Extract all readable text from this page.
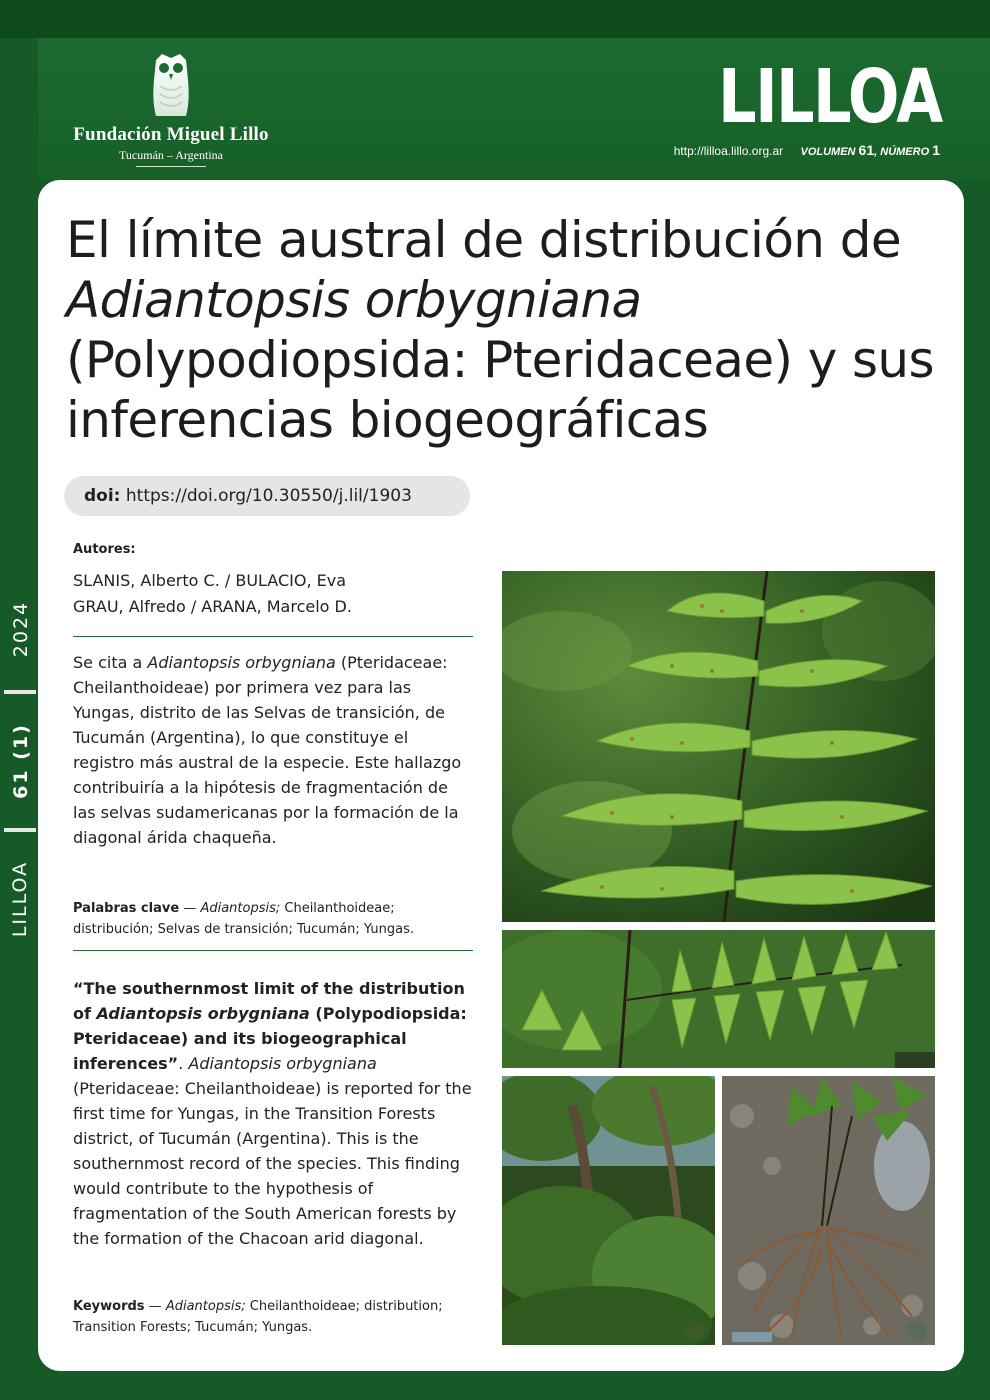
Fundación Miguel Lillo
Tucumán – Argentina
LILLOA
http://lilloa.lillo.org.ar VOLUMEN 61, NÚMERO 1
2024
61 (1)
LILLOA
El límite austral de distribución de
Adiantopsis orbygniana
(Polypodiopsida: Pteridaceae) y sus
inferencias biogeográficas
doi: https://doi.org/10.30550/j.lil/1903
Autores:
SLANIS, Alberto C. / BULACIO, Eva
GRAU, Alfredo / ARANA, Marcelo D.

Se cita a Adiantopsis orbygniana (Pteridaceae: Cheilanthoideae) por primera vez para las Yungas, distrito de las Selvas de transición, de Tucumán (Argentina), lo que constituye el registro más austral de la especie. Este hallazgo contribuiría a la hipótesis de fragmentación de las selvas sudamericanas por la formación de la diagonal árida chaqueña.

Palabras clave — Adiantopsis; Cheilanthoideae; distribución; Selvas de transición; Tucumán; Yungas.

“The southernmost limit of the distribution of Adiantopsis orbygniana (Polypodiopsida: Pteridaceae) and its biogeographical inferences”. Adiantopsis orbygniana (Pteridaceae: Cheilanthoideae) is reported for the first time for Yungas, in the Transition Forests district, of Tucumán (Argentina). This is the southernmost record of the species. This finding would contribute to the hypothesis of fragmentation of the South American forests by the formation of the Chacoan arid diagonal.

Keywords — Adiantopsis; Cheilanthoideae; distribution; Transition Forests; Tucumán; Yungas.
